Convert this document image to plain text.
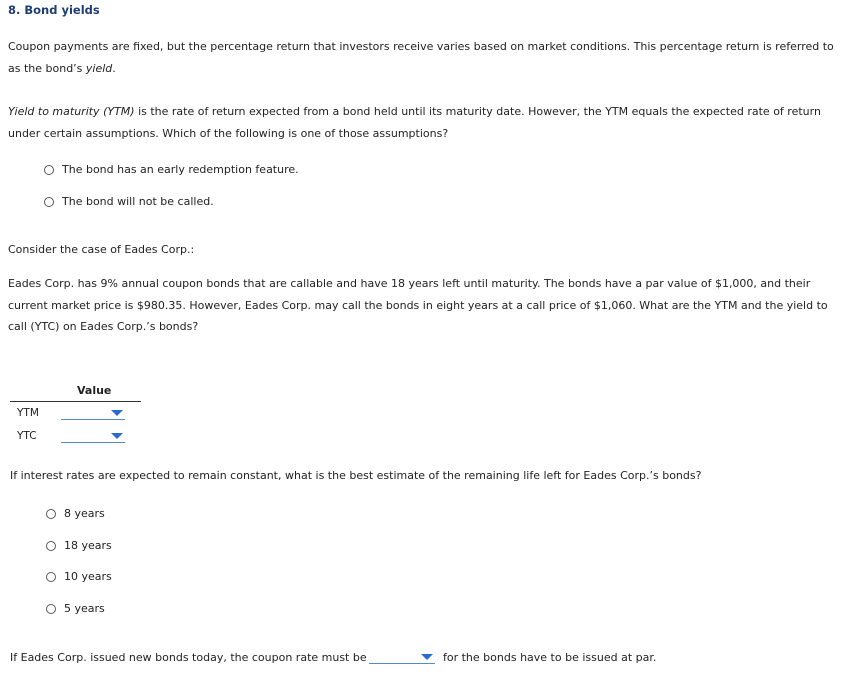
8. Bond yields
Coupon payments are fixed, but the percentage return that investors receive varies based on market conditions. This percentage return is referred to as the bond’s yield.
Yield to maturity (YTM) is the rate of return expected from a bond held until its maturity date. However, the YTM equals the expected rate of return under certain assumptions. Which of the following is one of those assumptions?
The bond has an early redemption feature.
The bond will not be called.
Consider the case of Eades Corp.:
Eades Corp. has 9% annual coupon bonds that are callable and have 18 years left until maturity. The bonds have a par value of $1,000, and their current market price is $980.35. However, Eades Corp. may call the bonds in eight years at a call price of $1,060. What are the YTM and the yield to call (YTC) on Eades Corp.’s bonds?
Value
YTM
YTC
If interest rates are expected to remain constant, what is the best estimate of the remaining life left for Eades Corp.’s bonds?
8 years
18 years
10 years
5 years
If Eades Corp. issued new bonds today, the coupon rate must be	for the bonds have to be issued at par.
